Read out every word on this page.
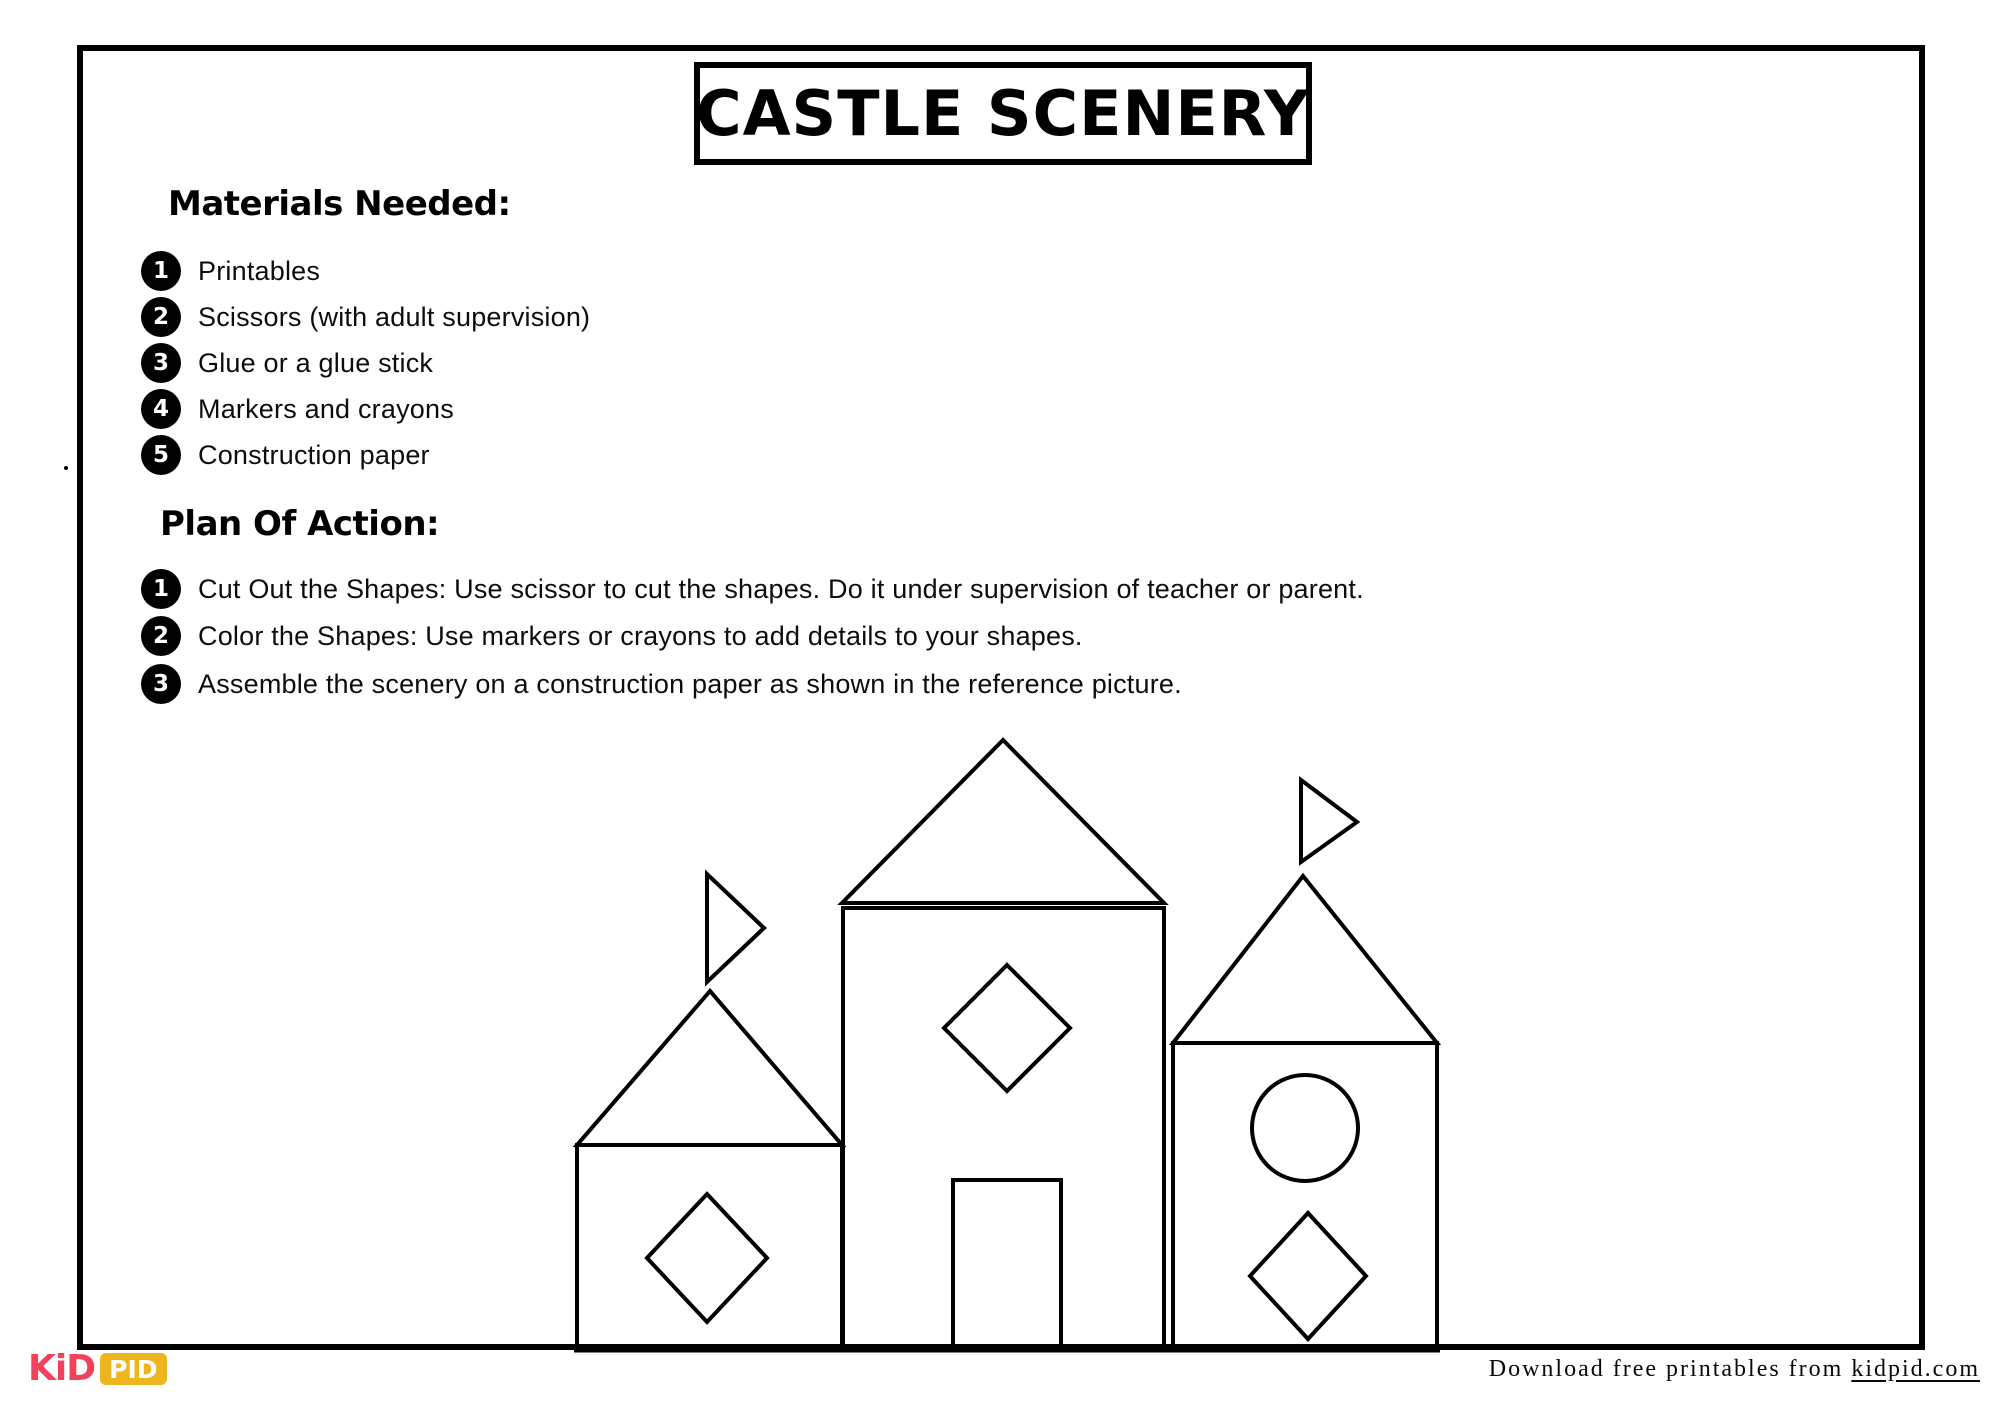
CASTLE SCENERY
Materials Needed:
1	Printables
2	Scissors (with adult supervision)
3	Glue or a glue stick
4	Markers and crayons
5	Construction paper
Plan Of Action:
1	Cut Out the Shapes: Use scissor to cut the shapes. Do it under supervision of teacher or parent.
2	Color the Shapes: Use markers or crayons to add details to your shapes.
3	Assemble the scenery on a construction paper as shown in the reference picture.
KiD PID	Download free printables from kidpid.com
